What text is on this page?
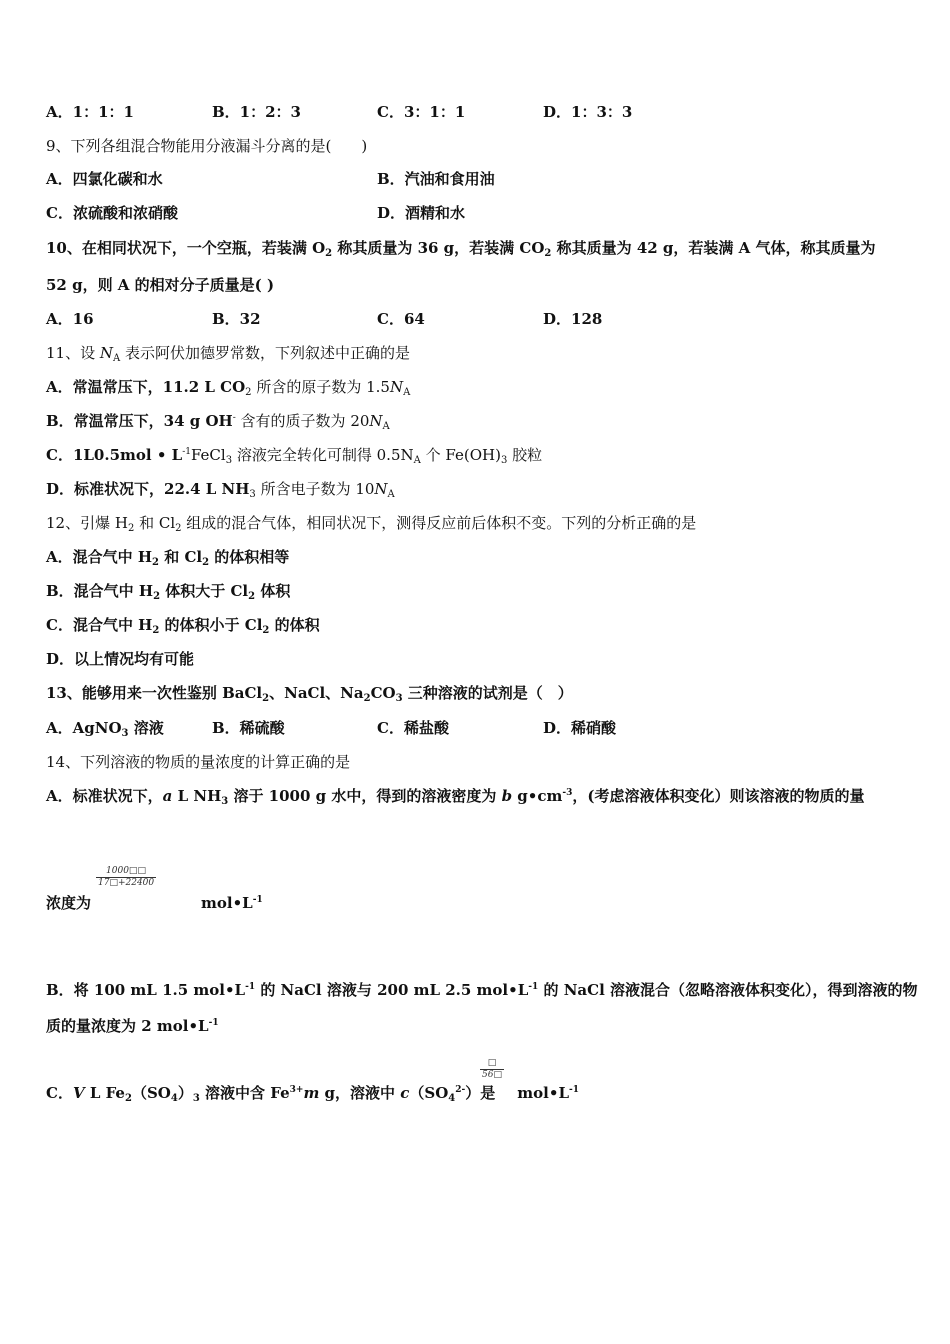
A．1：1：1	B．1：2：3	C．3：1：1	D．1：3：3
9、下列各组混合物能用分液漏斗分离的是(　　)
A．四氯化碳和水	B．汽油和食用油
C．浓硫酸和浓硝酸	D．酒精和水
10、在相同状况下，一个空瓶，若装满 $O_2$ 称其质量为 36 g，若装满 $CO_2$ 称其质量为 42 g，若装满 A 气体，称其质量为
52 g，则 A 的相对分子质量是( )
A．16	B．32	C．64	D．128
11、设 $N_A$ 表示阿伏加德罗常数，下列叙述中正确的是
A．常温常压下，11.2 L $CO_2$ 所含的原子数为 $1.5N_A$
B．常温常压下，34 g OH- 含有的质子数为 $20N_A$
C．1L0.5mol • $L^{-1}FeCl_3$ 溶液完全转化可制得 $0.5N_A$ 个 $Fe(OH)_3$ 胶粒
D．标准状况下，22.4 L $NH_3$ 所含电子数为 $10N_A$
12、引爆 $H_2$ 和 $Cl_2$ 组成的混合气体，相同状况下，测得反应前后体积不变。下列的分析正确的是
A．混合气中 $H_2$ 和 $Cl_2$ 的体积相等
B．混合气中 $H_2$ 体积大于 $Cl_2$ 体积
C．混合气中 $H_2$ 的体积小于 $Cl_2$ 的体积
D．以上情况均有可能
13、能够用来一次性鉴别 BaCl$_2$、NaCl、$Na_2CO_3$ 三种溶液的试剂是（　）
A．AgNO$_3$ 溶液	B．稀硫酸	C．稀盐酸	D．稀硝酸
14、下列溶液的物质的量浓度的计算正确的是
A．标准状况下，a L $NH_3$ 溶于 1000 g 水中，得到的溶液密度为 b $g•cm^{-3}$，(考虑溶液体积变化）则该溶液的物质的量
浓度为	$mol•L^{-1}$
1000□□
17□+22400
B．将 100 mL 1.5 $mol•L^{-1}$ 的 NaCl 溶液与 200 mL 2.5 $mol•L^{-1}$ 的 NaCl 溶液混合（忽略溶液体积变化），得到溶液的物
质的量浓度为 2 $mol•L^{-1}$
C．V L $Fe_2(SO_4)_3$ 溶液中含 $Fe^{3+}m$ g，溶液中 $c(SO_4^{2-})$是 $mol•L^{-1}$
□
56□
